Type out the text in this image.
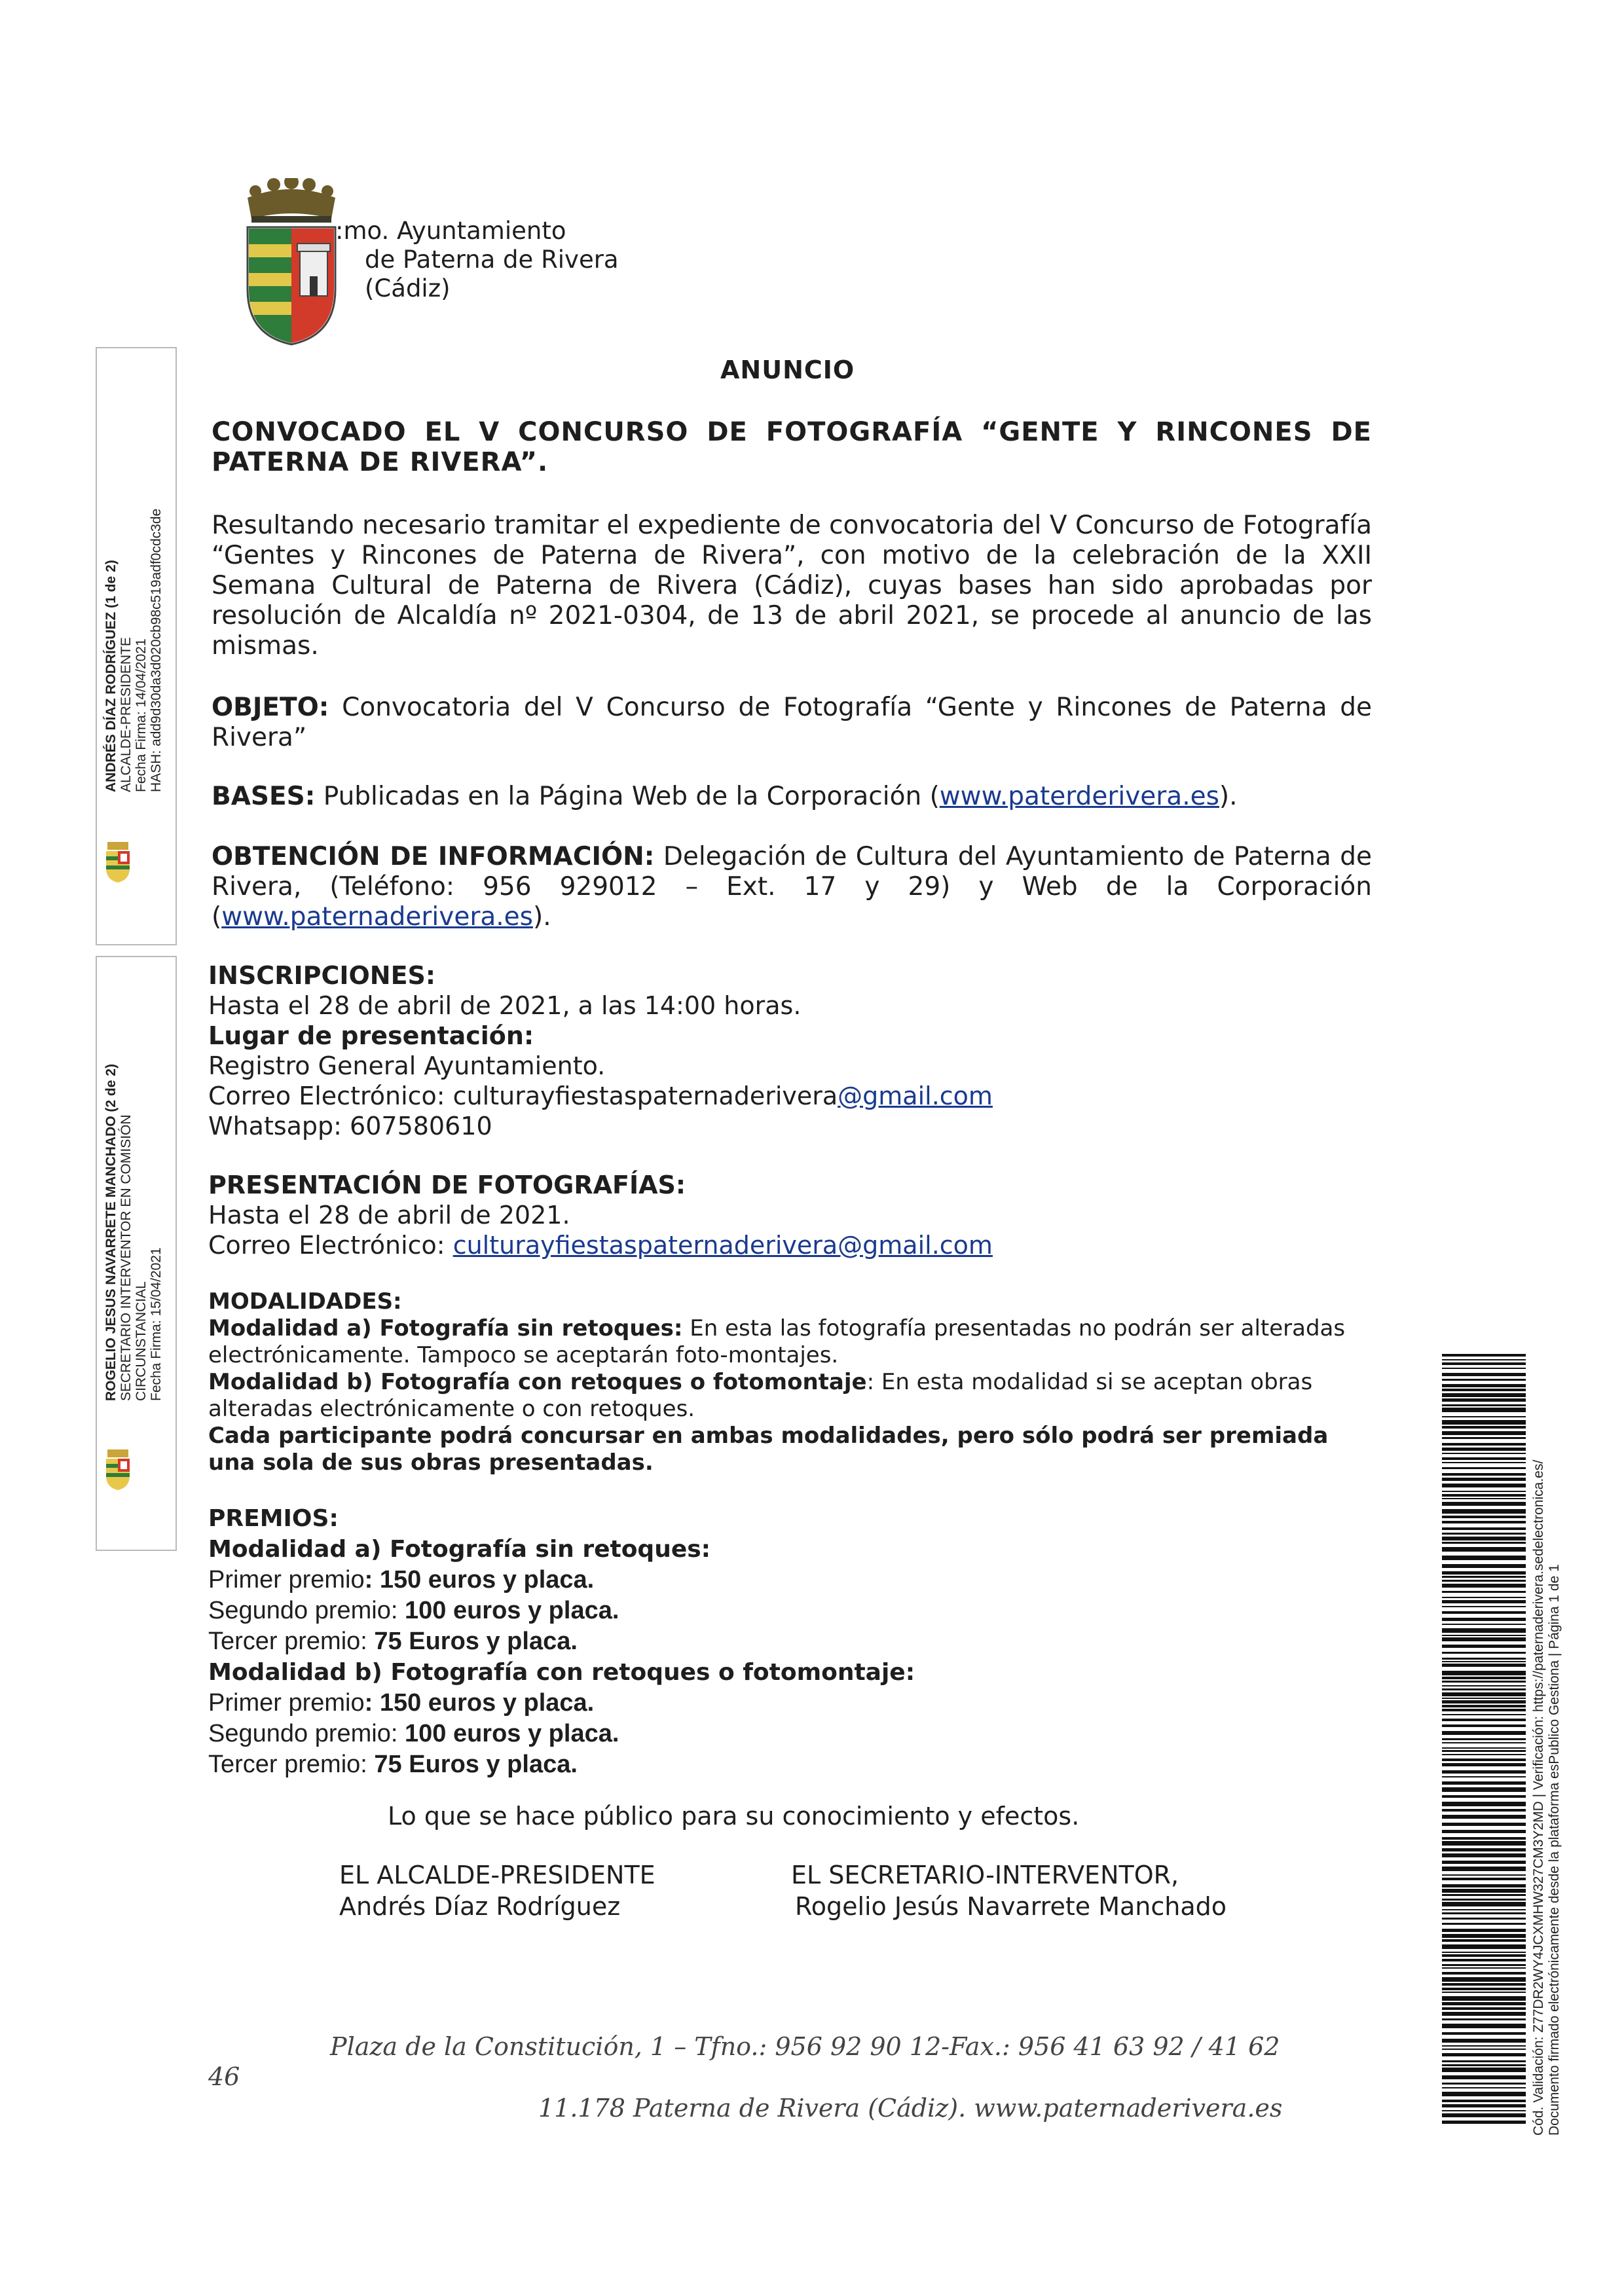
:mo. Ayuntamiento
de Paterna de Rivera
(Cádiz)
ANUNCIO
CONVOCADO EL V CONCURSO DE FOTOGRAFÍA “GENTE Y RINCONES DE PATERNA DE RIVERA”.
Resultando necesario tramitar el expediente de convocatoria del V Concurso de Fotografía “Gentes y Rincones de Paterna de Rivera”, con motivo de la celebración de la XXII Semana Cultural de Paterna de Rivera (Cádiz), cuyas bases han sido aprobadas por resolución de Alcaldía nº 2021-0304, de 13 de abril 2021, se procede al anuncio de las mismas.
OBJETO: Convocatoria del V Concurso de Fotografía “Gente y Rincones de Paterna de Rivera”
BASES: Publicadas en la Página Web de la Corporación (www.paterderivera.es).
OBTENCIÓN DE INFORMACIÓN: Delegación de Cultura del Ayuntamiento de Paterna de Rivera, (Teléfono: 956 929012 – Ext. 17 y 29) y Web de la Corporación (www.paternaderivera.es).
INSCRIPCIONES:
Hasta el 28 de abril de 2021, a las 14:00 horas.
Lugar de presentación:
Registro General Ayuntamiento.
Correo Electrónico: culturayfiestaspaternaderivera@gmail.com
Whatsapp: 607580610
PRESENTACIÓN DE FOTOGRAFÍAS:
Hasta el 28 de abril de 2021.
Correo Electrónico: culturayfiestaspaternaderivera@gmail.com
MODALIDADES:
Modalidad a) Fotografía sin retoques: En esta las fotografía presentadas no podrán ser alteradas electrónicamente. Tampoco se aceptarán foto-montajes.
Modalidad b) Fotografía con retoques o fotomontaje: En esta modalidad si se aceptan obras alteradas electrónicamente o con retoques.
Cada participante podrá concursar en ambas modalidades, pero sólo podrá ser premiada una sola de sus obras presentadas.
PREMIOS:
Modalidad a) Fotografía sin retoques:
Primer premio: 150 euros y placa.
Segundo premio: 100 euros y placa.
Tercer premio: 75 Euros y placa.
Modalidad b) Fotografía con retoques o fotomontaje:
Primer premio: 150 euros y placa.
Segundo premio: 100 euros y placa.
Tercer premio: 75 Euros y placa.
Lo que se hace público para su conocimiento y efectos.
EL ALCALDE-PRESIDENTE
Andrés Díaz Rodríguez
EL SECRETARIO-INTERVENTOR,
Rogelio Jesús Navarrete Manchado
Plaza de la Constitución, 1 – Tfno.: 956 92 90 12-Fax.: 956 41 63 92 / 41 62
46
11.178 Paterna de Rivera (Cádiz). www.paternaderivera.es
ANDRÉS DÍAZ RODRÍGUEZ (1 de 2) ALCALDE-PRESIDENTE Fecha Firma: 14/04/2021 HASH: add9d30da3d020cb98c519adf0cdc3de
ROGELIO JESUS NAVARRETE MANCHADO (2 de 2) SECRETARIO INTERVENTOR EN COMISIÓN CIRCUNSTANCIAL Fecha Firma: 15/04/2021
Cód. Validación: Z77DR2WY4JCXMHW327CM3Y2MD | Verificación: https://paternaderivera.sedelectronica.es/ Documento firmado electrónicamente desde la plataforma esPublico Gestiona | Página 1 de 1
